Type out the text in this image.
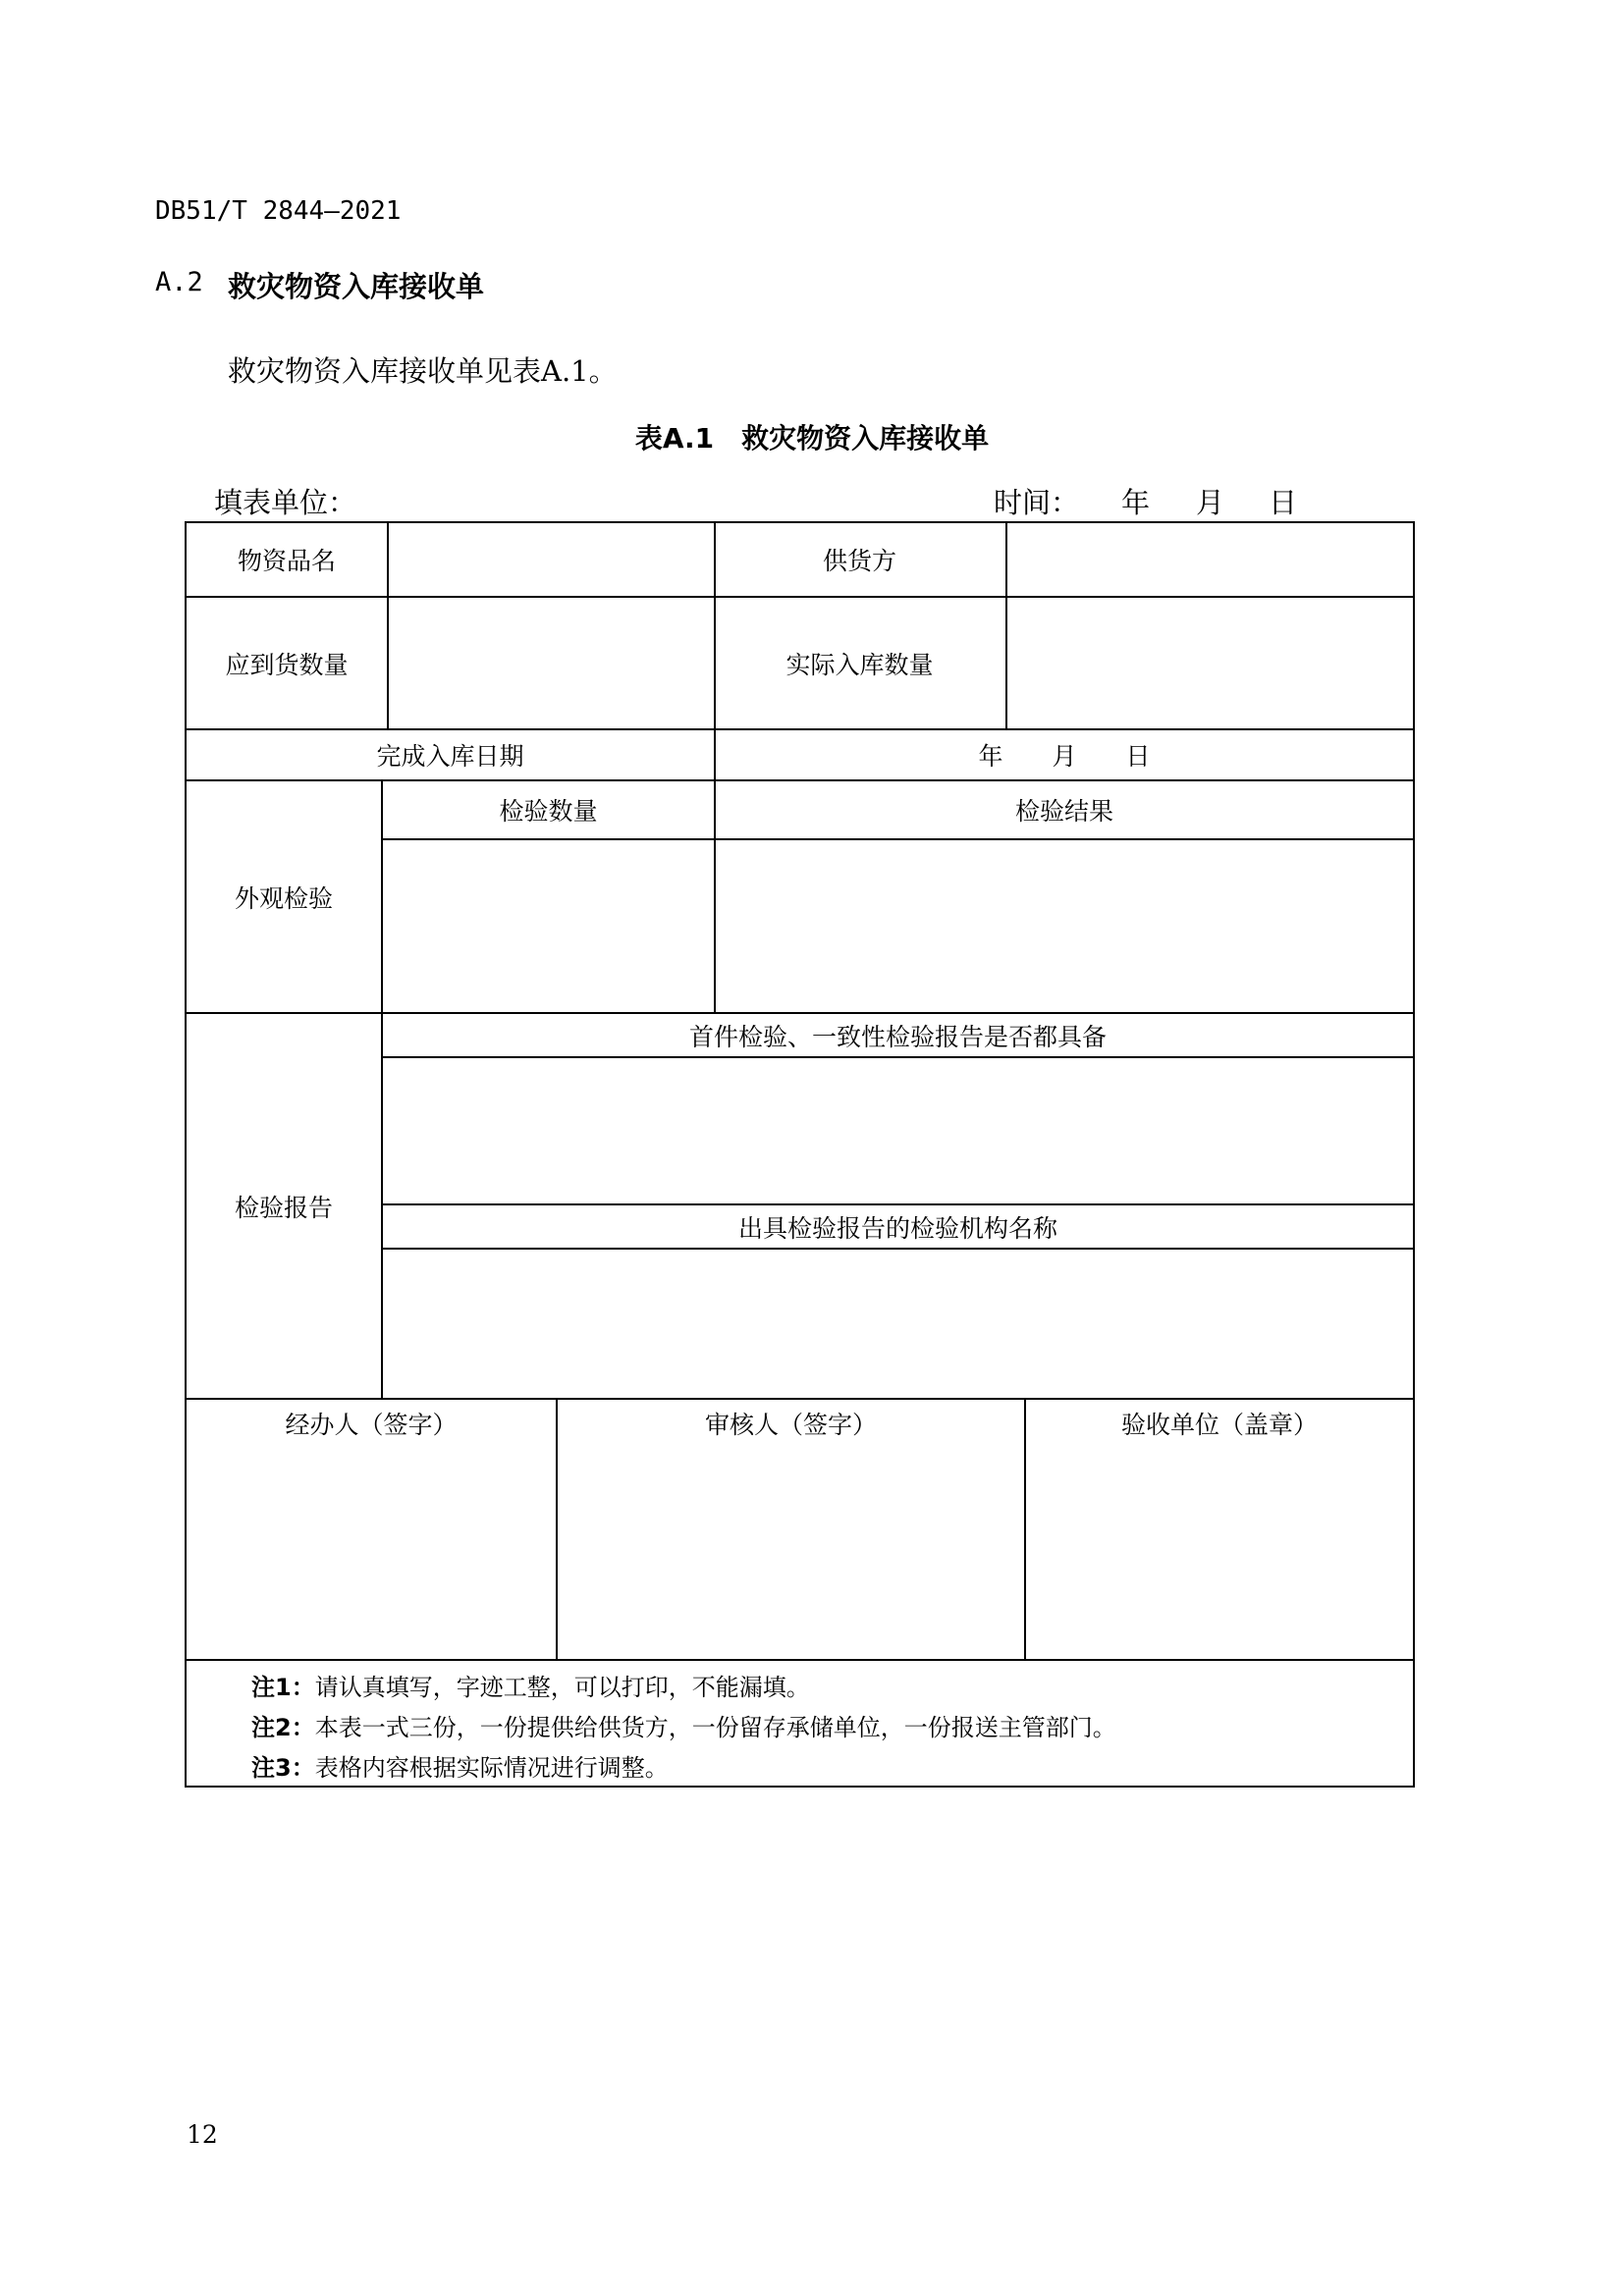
DB51/T 2844—2021
A.2 救灾物资入库接收单
救灾物资入库接收单见表A.1。
表A.1　救灾物资入库接收单
填表单位：	时间： 年 月 日
物资品名	供货方
应到货数量	实际入库数量
完成入库日期	年　　月　　日
外观检验
检验数量	检验结果
检验报告
首件检验、一致性检验报告是否都具备
出具检验报告的检验机构名称
经办人（签字）	审核人（签字）	验收单位（盖章）
注1：请认真填写，字迹工整，可以打印，不能漏填。
注2：本表一式三份，一份提供给供货方，一份留存承储单位，一份报送主管部门。
注3：表格内容根据实际情况进行调整。
12
